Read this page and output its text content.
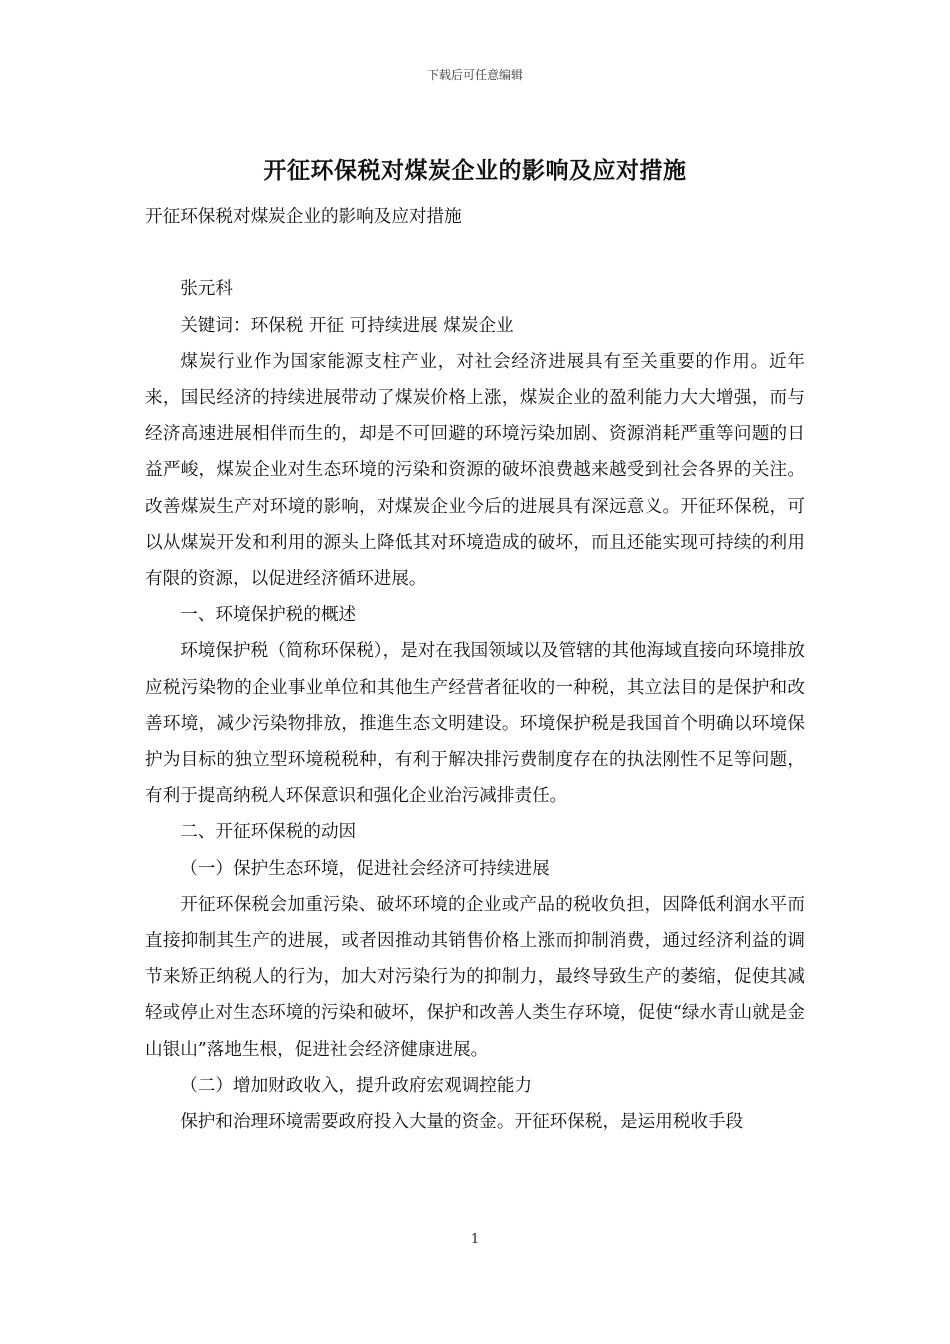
下载后可任意编辑
开征环保税对煤炭企业的影响及应对措施

开征环保税对煤炭企业的影响及应对措施

张元科

关键词：环保税 开征 可持续进展 煤炭企业

煤炭行业作为国家能源支柱产业，对社会经济进展具有至关重要的作用。近年来，国民经济的持续进展带动了煤炭价格上涨，煤炭企业的盈利能力大大增强，而与经济高速进展相伴而生的，却是不可回避的环境污染加剧、资源消耗严重等问题的日益严峻，煤炭企业对生态环境的污染和资源的破坏浪费越来越受到社会各界的关注。改善煤炭生产对环境的影响，对煤炭企业今后的进展具有深远意义。开征环保税，可以从煤炭开发和利用的源头上降低其对环境造成的破坏，而且还能实现可持续的利用有限的资源，以促进经济循环进展。

一、环境保护税的概述

环境保护税（简称环保税），是对在我国领域以及管辖的其他海域直接向环境排放应税污染物的企业事业单位和其他生产经营者征收的一种税，其立法目的是保护和改善环境，减少污染物排放，推進生态文明建设。环境保护税是我国首个明确以环境保护为目标的独立型环境税税种，有利于解决排污费制度存在的执法刚性不足等问题，有利于提高纳税人环保意识和强化企业治污减排责任。

二、开征环保税的动因

（一）保护生态环境，促进社会经济可持续进展

开征环保税会加重污染、破坏环境的企业或产品的税收负担，因降低利润水平而直接抑制其生产的进展，或者因推动其销售价格上涨而抑制消费，通过经济利益的调节来矫正纳税人的行为，加大对污染行为的抑制力，最终导致生产的萎缩，促使其减轻或停止对生态环境的污染和破坏，保护和改善人类生存环境，促使“绿水青山就是金山银山”落地生根，促进社会经济健康进展。

（二）增加财政收入，提升政府宏观调控能力

保护和治理环境需要政府投入大量的资金。开征环保税，是运用税收手段

1
